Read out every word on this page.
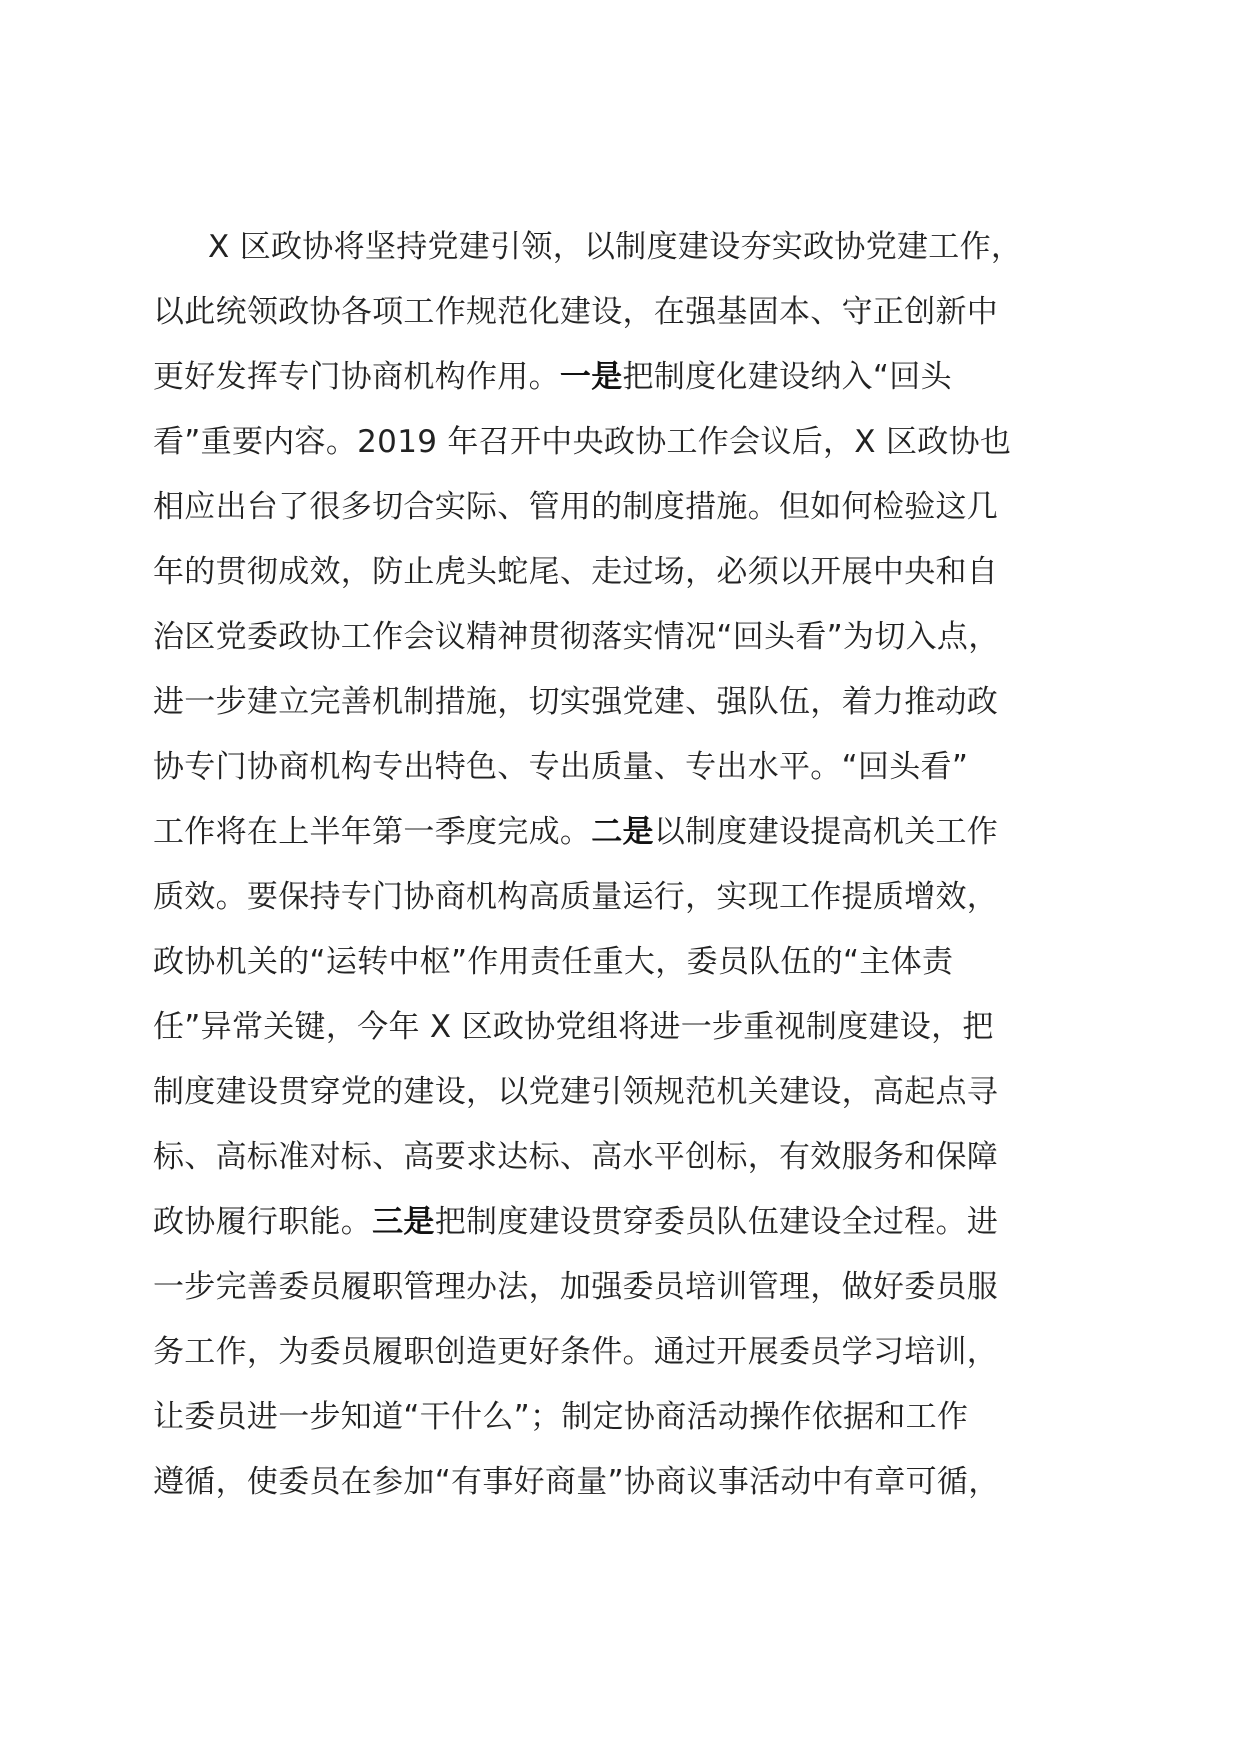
X 区政协将坚持党建引领，以制度建设夯实政协党建工作，
以此统领政协各项工作规范化建设，在强基固本、守正创新中
更好发挥专门协商机构作用。一是把制度化建设纳入“回头
看”重要内容。2019 年召开中央政协工作会议后，X 区政协也
相应出台了很多切合实际、管用的制度措施。但如何检验这几
年的贯彻成效，防止虎头蛇尾、走过场，必须以开展中央和自
治区党委政协工作会议精神贯彻落实情况“回头看”为切入点，
进一步建立完善机制措施，切实强党建、强队伍，着力推动政
协专门协商机构专出特色、专出质量、专出水平。“回头看”
工作将在上半年第一季度完成。二是以制度建设提高机关工作
质效。要保持专门协商机构高质量运行，实现工作提质增效，
政协机关的“运转中枢”作用责任重大，委员队伍的“主体责
任”异常关键，今年 X 区政协党组将进一步重视制度建设，把
制度建设贯穿党的建设，以党建引领规范机关建设，高起点寻
标、高标准对标、高要求达标、高水平创标，有效服务和保障
政协履行职能。三是把制度建设贯穿委员队伍建设全过程。进
一步完善委员履职管理办法，加强委员培训管理，做好委员服
务工作，为委员履职创造更好条件。通过开展委员学习培训，
让委员进一步知道“干什么”；制定协商活动操作依据和工作
遵循，使委员在参加“有事好商量”协商议事活动中有章可循，
